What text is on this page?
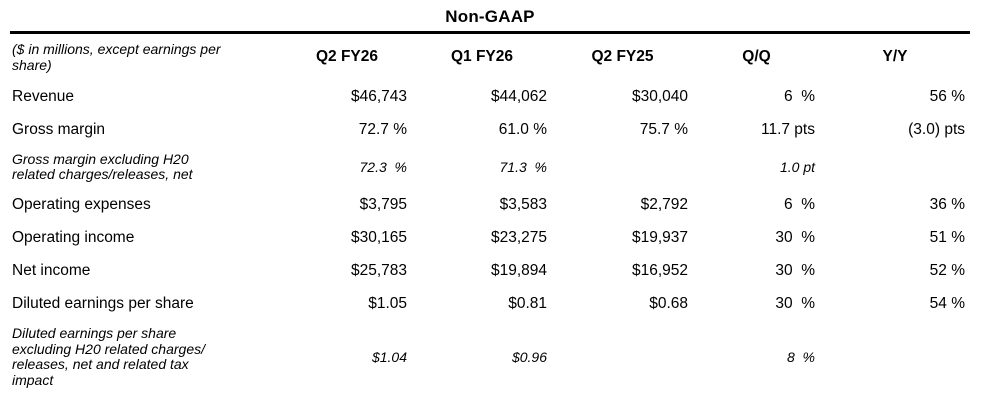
Non-GAAP
($ in millions, except earnings per share)	Q2 FY26	Q1 FY26	Q2 FY25	Q/Q	Y/Y
Revenue	$46,743	$44,062	$30,040	6  %	56 %
Gross margin	72.7 %	61.0 %	75.7 %	11.7 pts	(3.0) pts
Gross margin excluding H20 related charges/releases, net	72.3  %	71.3  %		1.0 pt	
Operating expenses	$3,795	$3,583	$2,792	6  %	36 %
Operating income	$30,165	$23,275	$19,937	30  %	51 %
Net income	$25,783	$19,894	$16,952	30  %	52 %
Diluted earnings per share	$1.05	$0.81	$0.68	30  %	54 %
Diluted earnings per share excluding H20 related charges/ releases, net and related tax impact	$1.04	$0.96		8  %	
